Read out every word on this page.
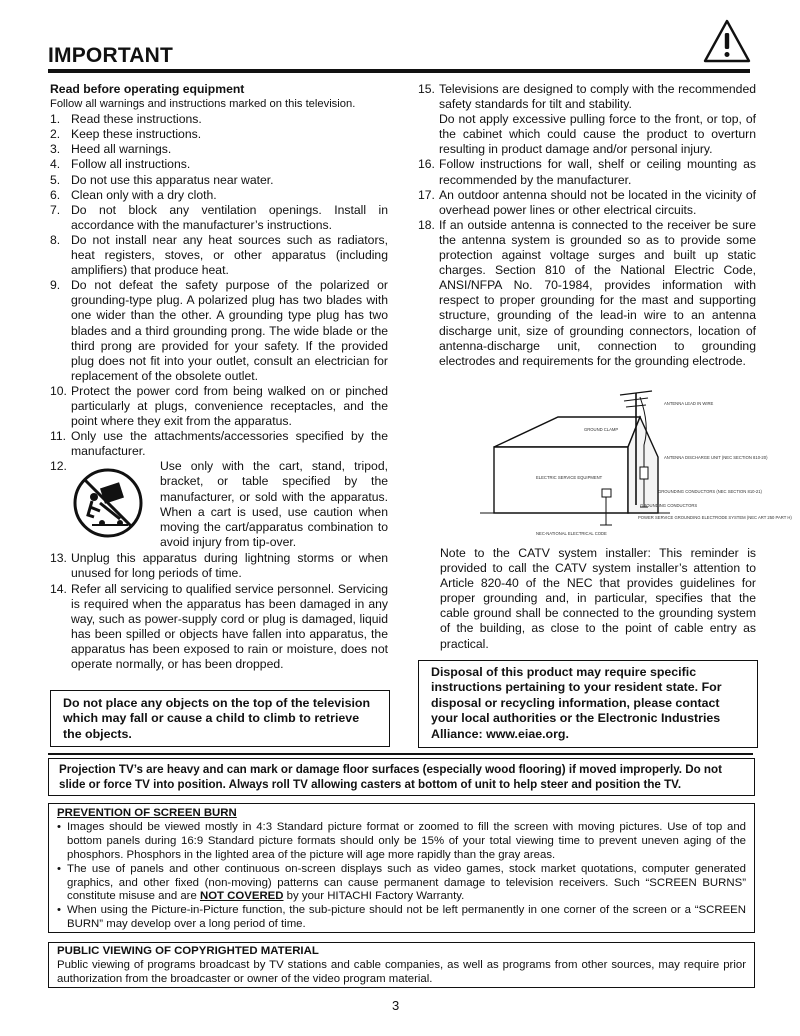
IMPORTANT
Read before operating equipment
Follow all warnings and instructions marked on this television.
1. Read these instructions.
2. Keep these instructions.
3. Heed all warnings.
4. Follow all instructions.
5. Do not use this apparatus near water.
6. Clean only with a dry cloth.
7. Do not block any ventilation openings. Install in accordance with the manufacturer’s instructions.
8. Do not install near any heat sources such as radiators, heat registers, stoves, or other apparatus (including amplifiers) that produce heat.
9. Do not defeat the safety purpose of the polarized or grounding-type plug. A polarized plug has two blades with one wider than the other. A grounding type plug has two blades and a third grounding prong. The wide blade or the third prong are provided for your safety. If the provided plug does not fit into your outlet, consult an electrician for replacement of the obsolete outlet.
10. Protect the power cord from being walked on or pinched particularly at plugs, convenience receptacles, and the point where they exit from the apparatus.
11. Only use the attachments/accessories specified by the manufacturer.
12.	Use only with the cart, stand, tripod, bracket, or table specified by the manufacturer, or sold with the apparatus. When a cart is used, use caution when moving the cart/apparatus combination to avoid injury from tip-over.
13. Unplug this apparatus during lightning storms or when unused for long periods of time.
14. Refer all servicing to qualified service personnel. Servicing is required when the apparatus has been damaged in any way, such as power-supply cord or plug is damaged, liquid has been spilled or objects have fallen into apparatus, the apparatus has been exposed to rain or moisture, does not operate normally, or has been dropped.
Do not place any objects on the top of the television which may fall or cause a child to climb to retrieve the objects.
15. Televisions are designed to comply with the recommended safety standards for tilt and stability.
Do not apply excessive pulling force to the front, or top, of the cabinet which could cause the product to overturn resulting in product damage and/or personal injury.
16. Follow instructions for wall, shelf or ceiling mounting as recommended by the manufacturer.
17. An outdoor antenna should not be located in the vicinity of overhead power lines or other electrical circuits.
18. If an outside antenna is connected to the receiver be sure the antenna system is grounded so as to provide some protection against voltage surges and built up static charges. Section 810 of the National Electric Code, ANSI/NFPA No. 70-1984, provides information with respect to proper grounding for the mast and supporting structure, grounding of the lead-in wire to an antenna discharge unit, size of grounding connectors, location of antenna-discharge unit, connection to grounding electrodes and requirements for the grounding electrode.
ANTENNA LEAD IN WIRE
GROUND CLAMP
ANTENNA DISCHARGE UNIT (NEC SECTION 810-20)
ELECTRIC SERVICE EQUIPMENT
GROUNDING CONDUCTORS (NEC SECTION 810-21)
GROUNDING CONDUCTORS
POWER SERVICE GROUNDING ELECTRODE SYSTEM (NEC ART 250 PART H)
NEC-NATIONAL ELECTRICAL CODE
Note to the CATV system installer: This reminder is provided to call the CATV system installer’s attention to Article 820-40 of the NEC that provides guidelines for proper grounding and, in particular, specifies that the cable ground shall be connected to the grounding system of the building, as close to the point of cable entry as practical.
Disposal of this product may require specific instructions pertaining to your resident state. For disposal or recycling information, please contact your local authorities or the Electronic Industries Alliance: www.eiae.org.
Projection TV’s are heavy and can mark or damage floor surfaces (especially wood flooring) if moved improperly. Do not slide or force TV into position. Always roll TV allowing casters at bottom of unit to help steer and position the TV.
PREVENTION OF SCREEN BURN
• Images should be viewed mostly in 4:3 Standard picture format or zoomed to fill the screen with moving pictures. Use of top and bottom panels during 16:9 Standard picture formats should only be 15% of your total viewing time to prevent uneven aging of the phosphors. Phosphors in the lighted area of the picture will age more rapidly than the gray areas.
• The use of panels and other continuous on-screen displays such as video games, stock market quotations, computer generated graphics, and other fixed (non-moving) patterns can cause permanent damage to television receivers. Such “SCREEN BURNS” constitute misuse and are NOT COVERED by your HITACHI Factory Warranty.
• When using the Picture-in-Picture function, the sub-picture should not be left permanently in one corner of the screen or a “SCREEN BURN” may develop over a long period of time.
PUBLIC VIEWING OF COPYRIGHTED MATERIAL
Public viewing of programs broadcast by TV stations and cable companies, as well as programs from other sources, may require prior authorization from the broadcaster or owner of the video program material.
3
